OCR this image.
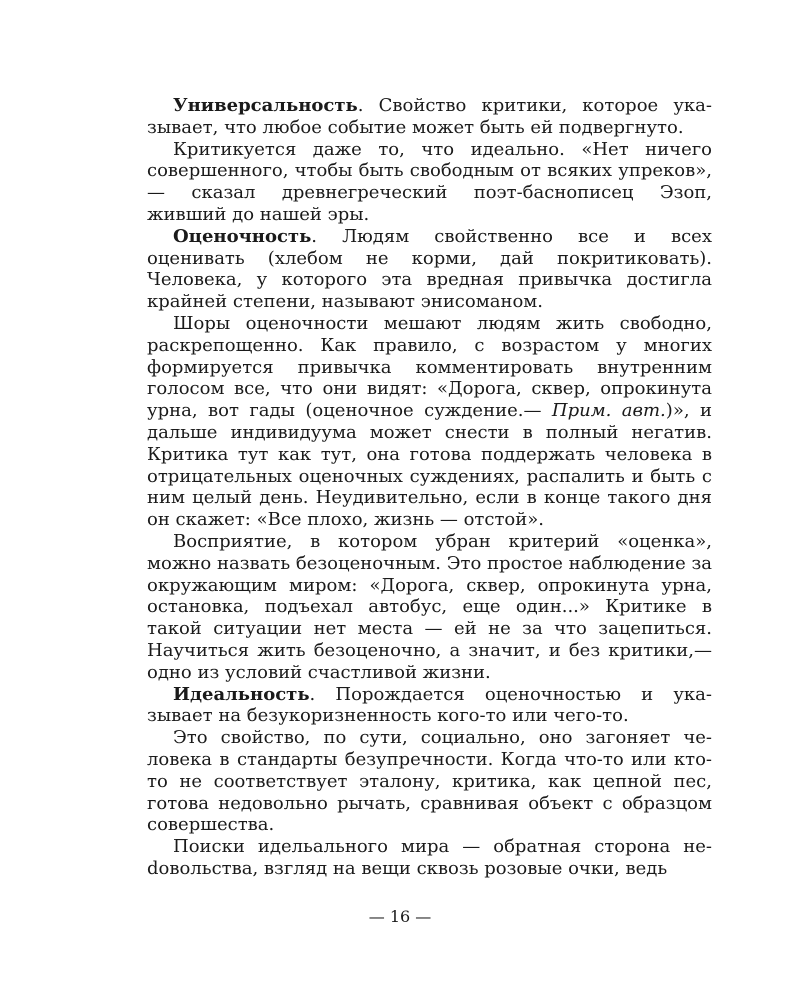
Универсальность. Свойство критики, которое указывает, что любое событие может быть ей подвергнуто.

Критикуется даже то, что идеально. «Нет ничего совершенного, чтобы быть свободным от всяких упреков»,— сказал древнегреческий поэт-баснописец Эзоп, живший до нашей эры.

Оценочность. Людям свойственно все и всех оценивать (хлебом не корми, дай покритиковать). Человека, у которого эта вредная привычка достигла крайней степени, называют энисоманом.

Шоры оценочности мешают людям жить свободно, раскрепощенно. Как правило, с возрастом у многих формируется привычка комментировать внутренним голосом все, что они видят: «Дорога, сквер, опрокинута урна, вот гады (оценочное суждение.— Прим. авт.)», и дальше индивидуума может снести в полный негатив. Критика тут как тут, она готова поддержать человека в отрицательных оценочных суждениях, распалить и быть с ним целый день. Неудивительно, если в конце такого дня он скажет: «Все плохо, жизнь — отстой».

Восприятие, в котором убран критерий «оценка», можно назвать безоценочным. Это простое наблюдение за окружающим миром: «Дорога, сквер, опрокинута урна, остановка, подъехал автобус, еще один...» Критике в такой ситуации нет места — ей не за что зацепиться. Научиться жить безоценочно, а значит, и без критики,— одно из условий счастливой жизни.

Идеальность. Порождается оценочностью и указывает на безукоризненность кого-то или чего-то.

Это свойство, по сути, социально, оно загоняет человека в стандарты безупречности. Когда что-то или кто-то не соответствует эталону, критика, как цепной пес, готова недовольно рычать, сравнивая объект с образцом совершества.

Поиски идельального мира — обратная сторона неdовольства, взгляд на вещи сквозь розовые очки, ведь

— 16 —
